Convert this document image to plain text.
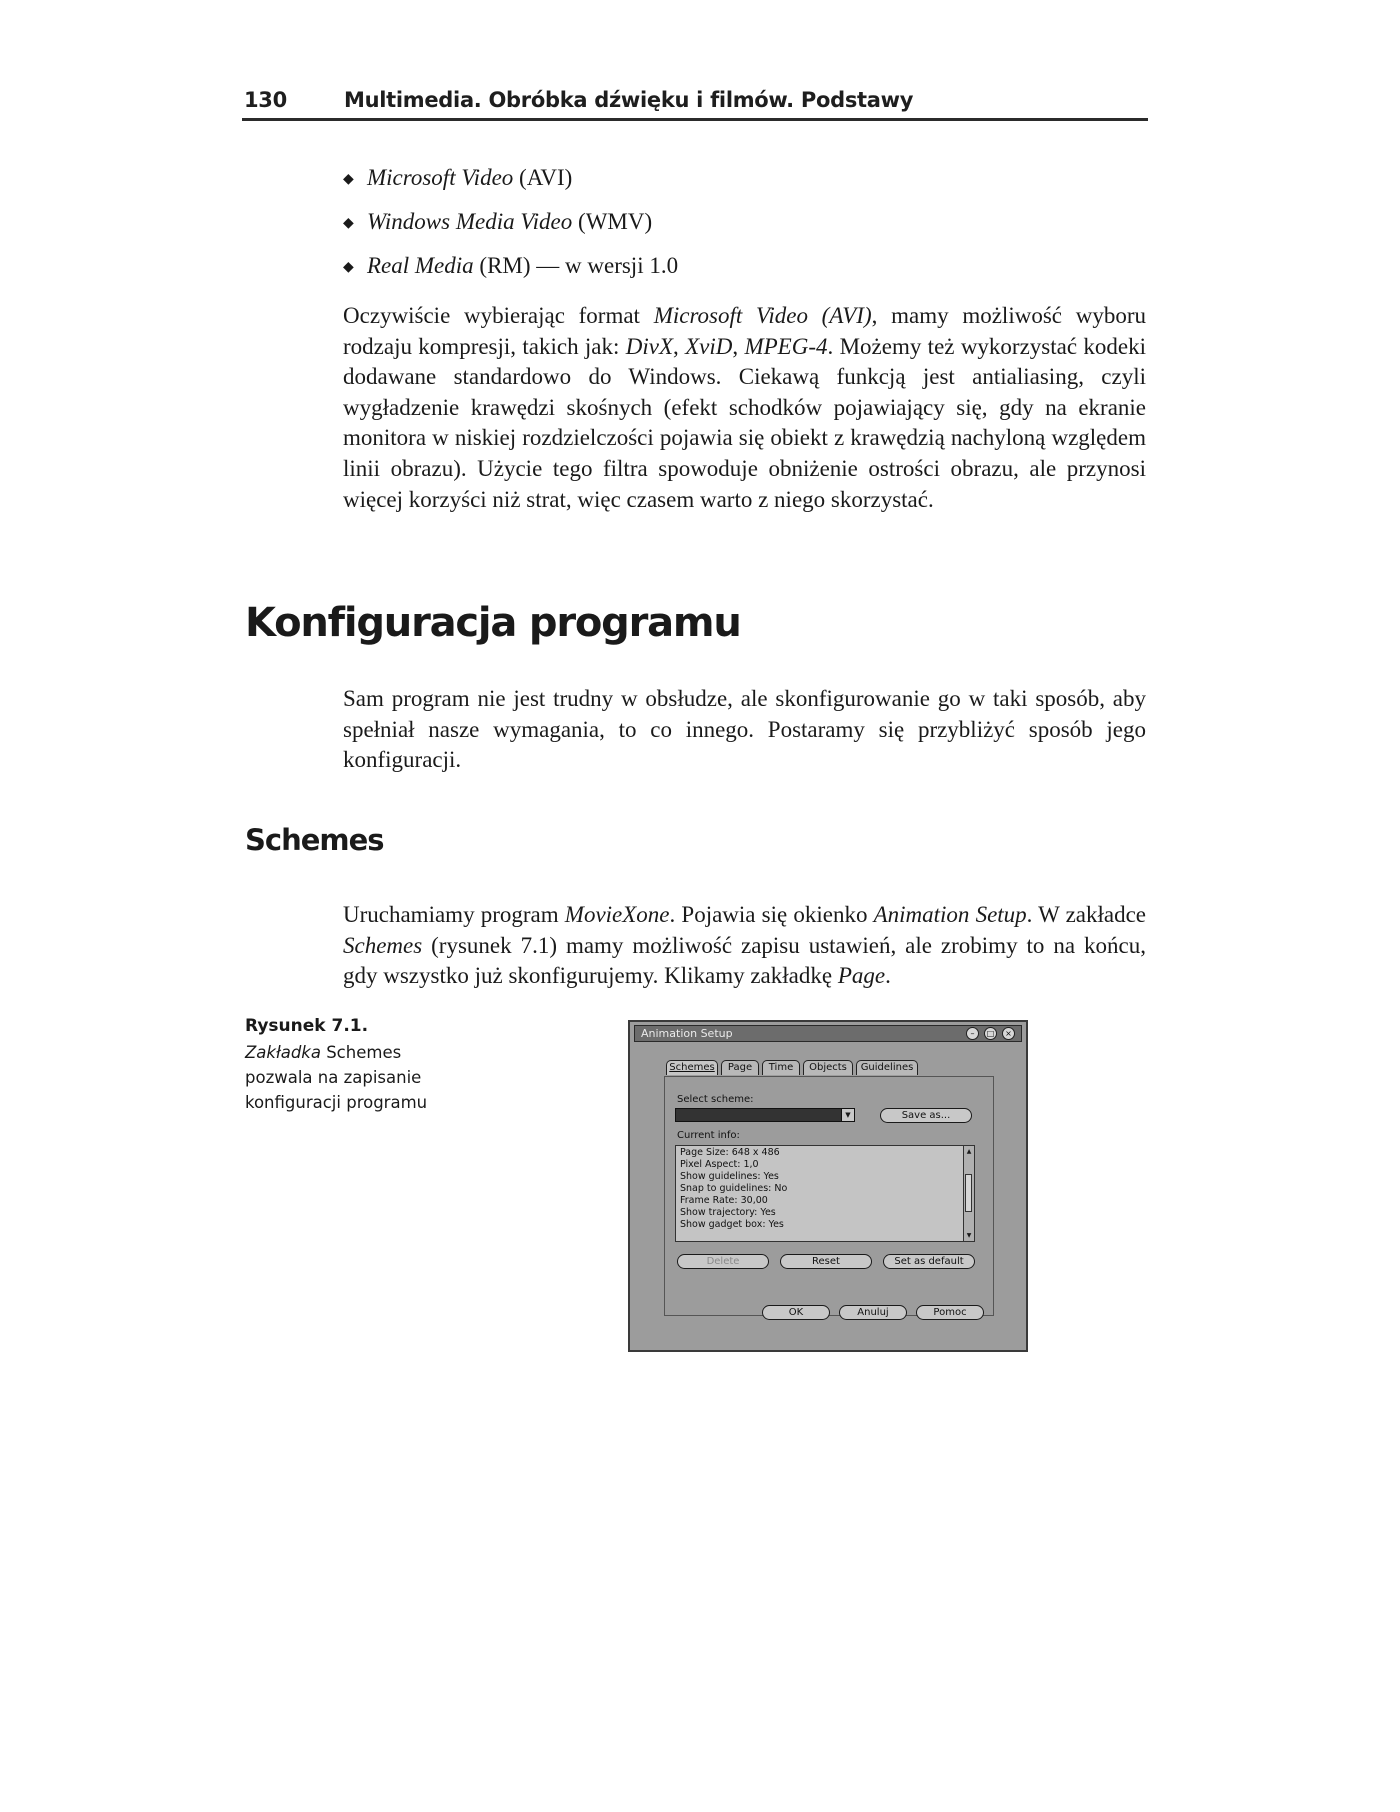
130	Multimedia. Obróbka dźwięku i filmów. Podstawy
◆ Microsoft Video (AVI)
◆ Windows Media Video (WMV)
◆ Real Media (RM) — w wersji 1.0

Oczywiście wybierając format Microsoft Video (AVI), mamy możliwość wyboru rodzaju kompresji, takich jak: DivX, XviD, MPEG-4. Możemy też wykorzystać kodeki dodawane standardowo do Windows. Ciekawą funkcją jest antialiasing, czyli wygładzenie krawędzi skośnych (efekt schodków pojawiający się, gdy na ekranie monitora w niskiej rozdzielczości pojawia się obiekt z krawędzią nachyloną względem linii obrazu). Użycie tego filtra spowoduje obniżenie ostrości obrazu, ale przynosi więcej korzyści niż strat, więc czasem warto z niego skorzystać.

Konfiguracja programu

Sam program nie jest trudny w obsłudze, ale skonfigurowanie go w taki sposób, aby spełniał nasze wymagania, to co innego. Postaramy się przybliżyć sposób jego konfiguracji.

Schemes

Uruchamiamy program MovieXone. Pojawia się okienko Animation Setup. W zakładce Schemes (rysunek 7.1) mamy możliwość zapisu ustawień, ale zrobimy to na końcu, gdy wszystko już skonfigurujemy. Klikamy zakładkę Page.

Rysunek 7.1.
Zakładka Schemes pozwala na zapisanie konfiguracji programu
Animation Setup	–	□	×
Schemes	Page	Time	Objects	Guidelines
Select scheme:
▼	Save as...
Current info:
Page Size: 648 x 486
Pixel Aspect: 1,0
Show guidelines: Yes
Snap to guidelines: No
Frame Rate: 30,00
Show trajectory: Yes
Show gadget box: Yes
▲
▼
Delete	Reset	Set as default
OK	Anuluj	Pomoc
